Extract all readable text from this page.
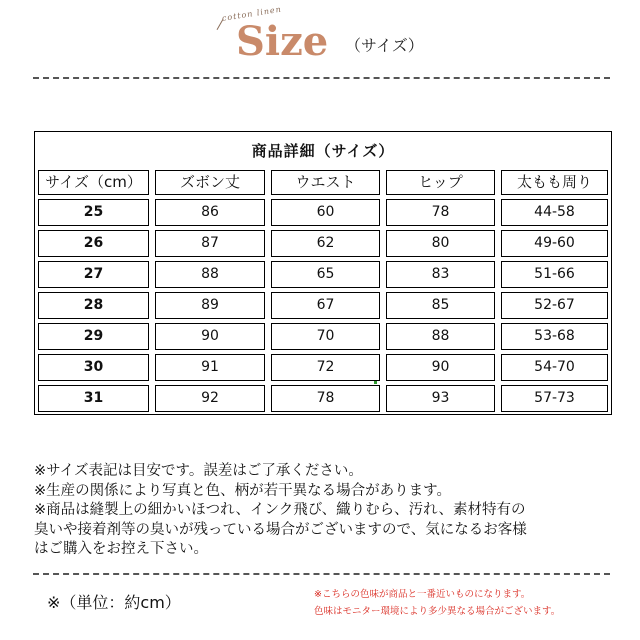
cotton linen
Size （サイズ）
商品詳細（サイズ）				

サイズ（cm）	ズボン丈	ウエスト	ヒップ	太もも周り

25	86	60	78	44-58

26	87	62	80	49-60

27	88	65	83	51-66

28	89	67	85	52-67

29	90	70	88	53-68

30	91	72	90	54-70

31	92	78	93	57-73
※サイズ表記は目安です。誤差はご了承ください。
※生産の関係により写真と色、柄が若干異なる場合があります。
※商品は縫製上の細かいほつれ、インク飛び、織りむら、汚れ、素材特有の
臭いや接着剤等の臭いが残っている場合がございますので、気になるお客様
はご購入をお控え下さい。
※（単位：約cm）	※こちらの色味が商品と一番近いものになります。
色味はモニター環境により多少異なる場合がございます。
